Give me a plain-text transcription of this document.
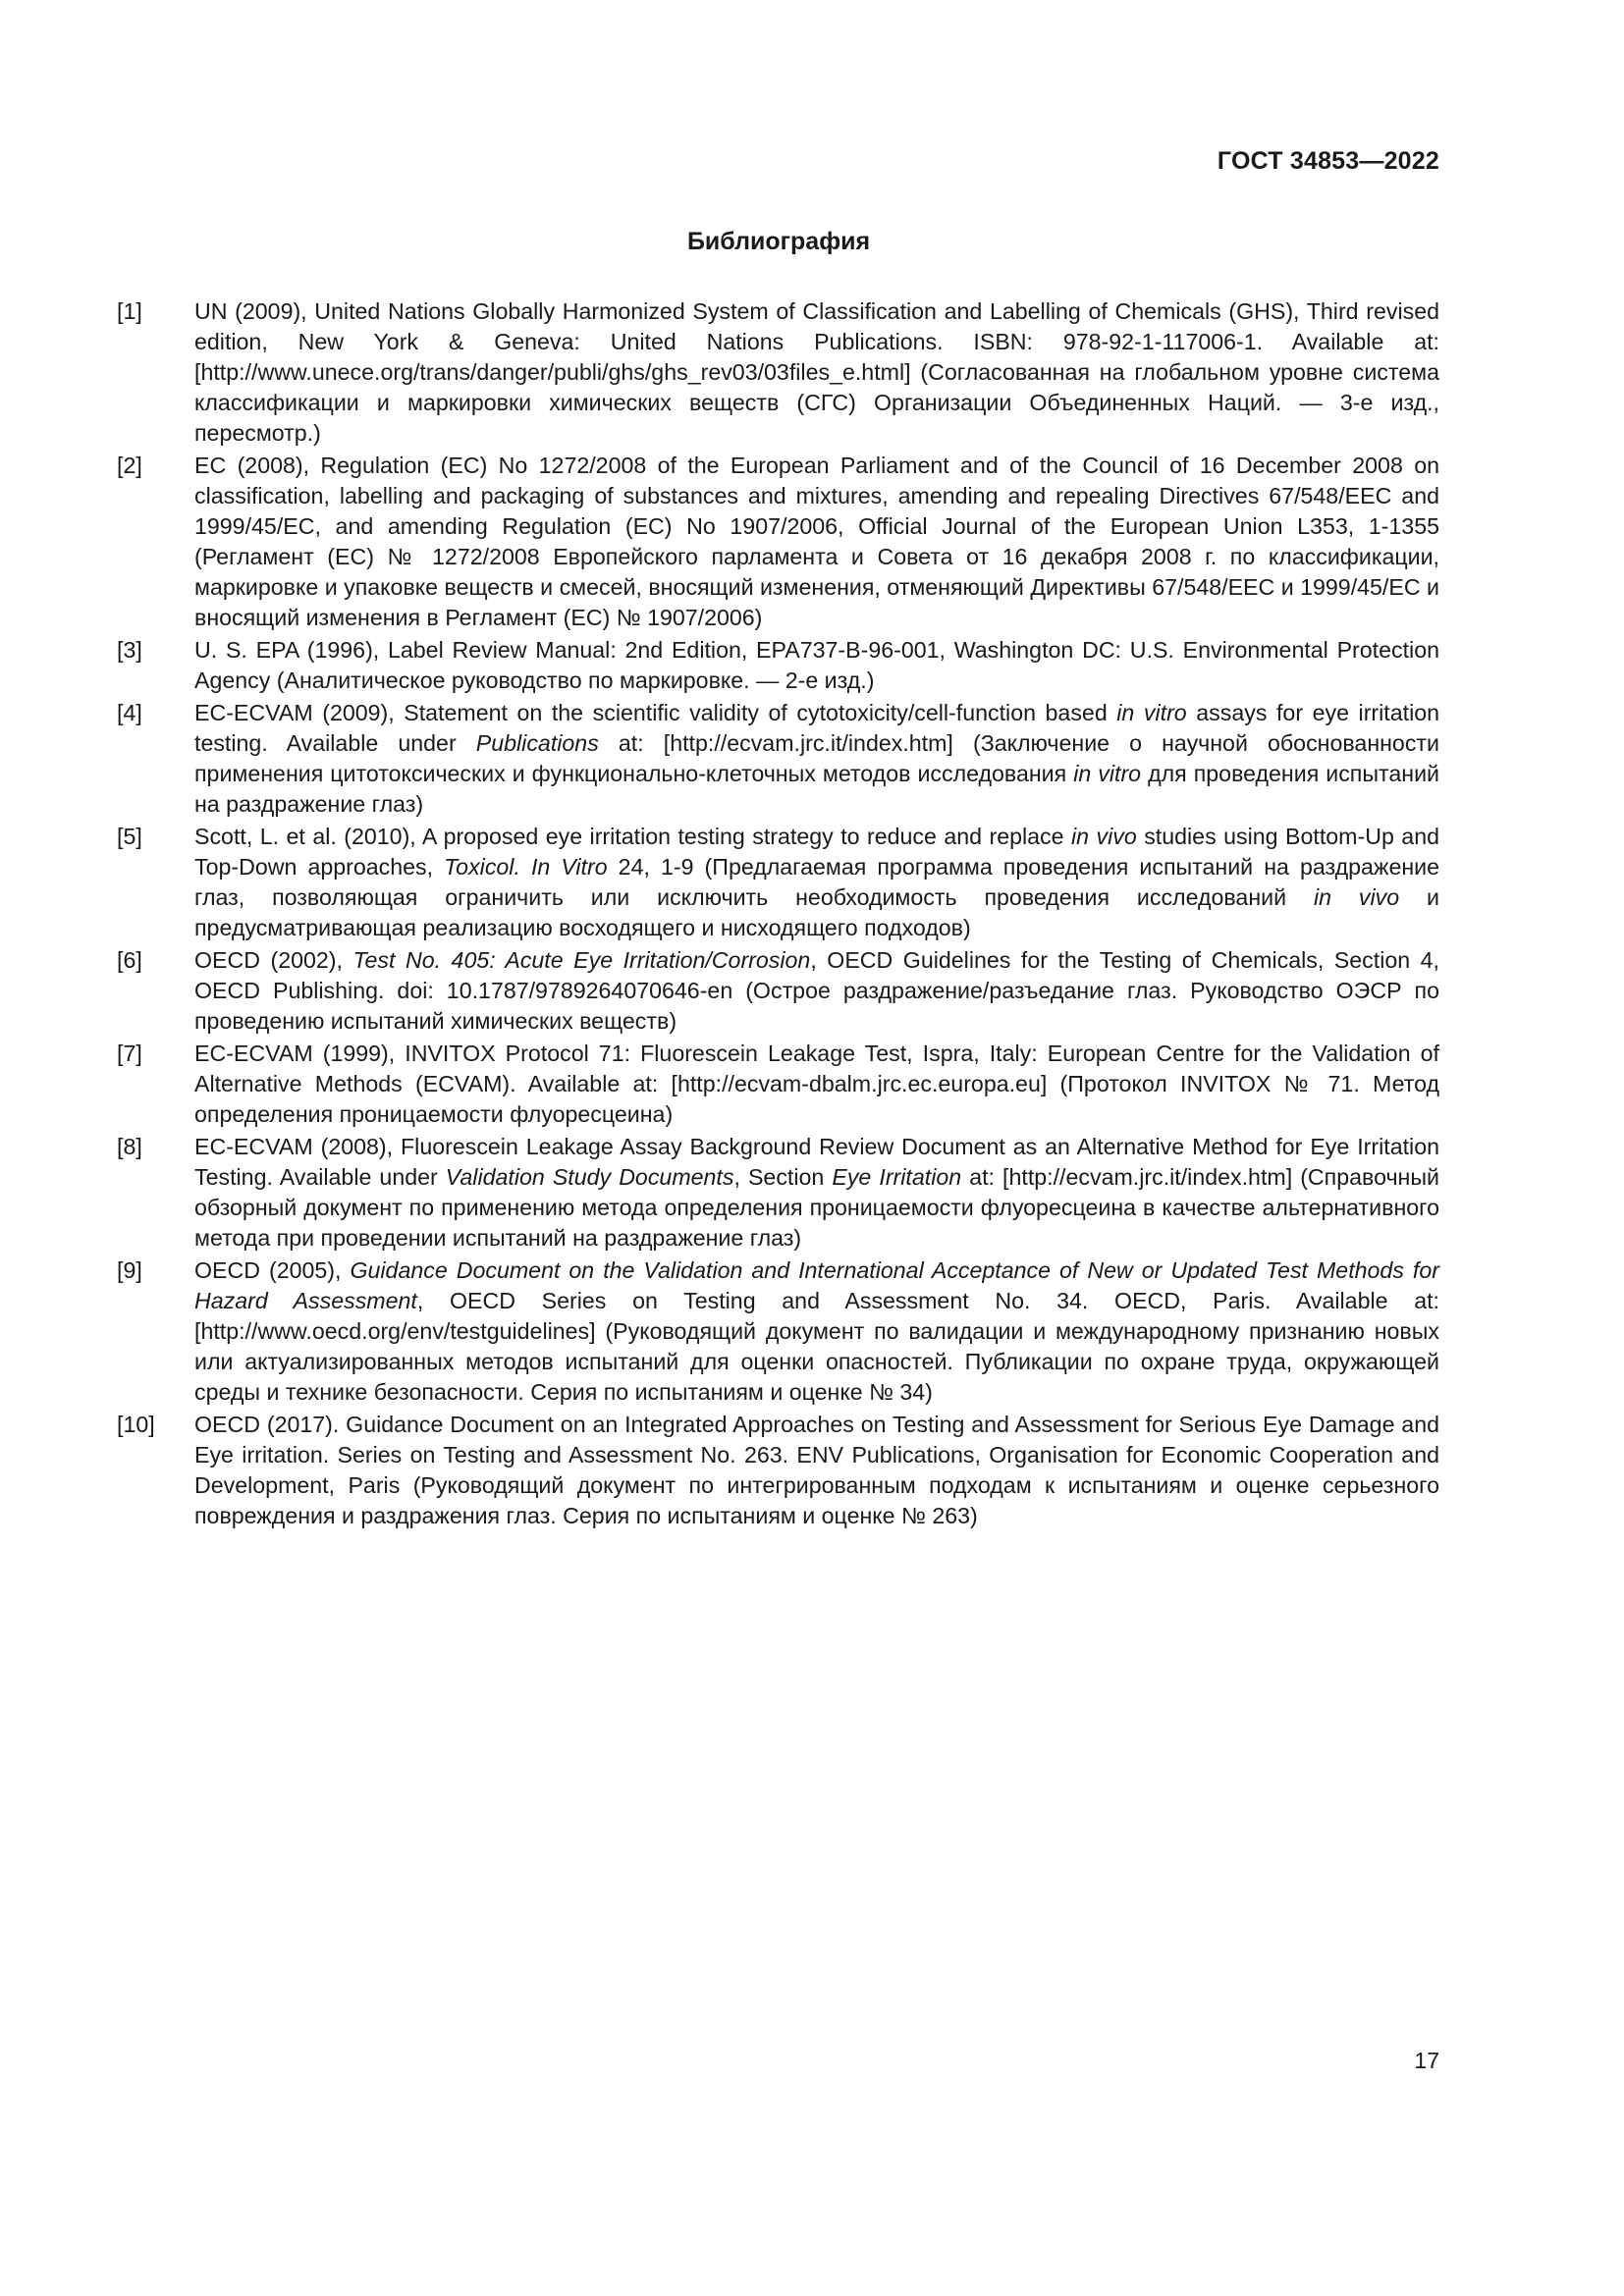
ГОСТ 34853—2022
Библиография
[1]	UN (2009), United Nations Globally Harmonized System of Classification and Labelling of Chemicals (GHS), Third revised edition, New York & Geneva: United Nations Publications. ISBN: 978-92-1-117006-1. Available at: [http://www.unece.org/trans/danger/publi/ghs/ghs_rev03/03files_e.html] (Согласованная на глобальном уровне система классификации и маркировки химических веществ (СГС) Организации Объединенных Наций. — 3-е изд., пересмотр.)
[2]	EC (2008), Regulation (EC) No 1272/2008 of the European Parliament and of the Council of 16 December 2008 on classification, labelling and packaging of substances and mixtures, amending and repealing Directives 67/548/EEC and 1999/45/EC, and amending Regulation (EC) No 1907/2006, Official Journal of the European Union L353, 1-1355 (Регламент (ЕС) № 1272/2008 Европейского парламента и Совета от 16 декабря 2008 г. по классификации, маркировке и упаковке веществ и смесей, вносящий изменения, отменяющий Директивы 67/548/ЕЕС и 1999/45/ЕС и вносящий изменения в Регламент (ЕС) № 1907/2006)
[3]	U. S. EPA (1996), Label Review Manual: 2nd Edition, EPA737-B-96-001, Washington DC: U.S. Environmental Protection Agency (Аналитическое руководство по маркировке. — 2-е изд.)
[4]	EC-ECVAM (2009), Statement on the scientific validity of cytotoxicity/cell-function based in vitro assays for eye irritation testing. Available under Publications at: [http://ecvam.jrc.it/index.htm] (Заключение о научной обоснованности применения цитотоксических и функционально-клеточных методов исследования in vitro для проведения испытаний на раздражение глаз)
[5]	Scott, L. et al. (2010), A proposed eye irritation testing strategy to reduce and replace in vivo studies using Bottom-Up and Top-Down approaches, Toxicol. In Vitro 24, 1-9 (Предлагаемая программа проведения испытаний на раздражение глаз, позволяющая ограничить или исключить необходимость проведения исследований in vivo и предусматривающая реализацию восходящего и нисходящего подходов)
[6]	OECD (2002), Test No. 405: Acute Eye Irritation/Corrosion, OECD Guidelines for the Testing of Chemicals, Section 4, OECD Publishing. doi: 10.1787/9789264070646-en (Острое раздражение/разъедание глаз. Руководство ОЭСР по проведению испытаний химических веществ)
[7]	EC-ECVAM (1999), INVITOX Protocol 71: Fluorescein Leakage Test, Ispra, Italy: European Centre for the Validation of Alternative Methods (ECVAM). Available at: [http://ecvam-dbalm.jrc.ec.europa.eu] (Протокол INVITOX № 71. Метод определения проницаемости флуоресцеина)
[8]	EC-ECVAM (2008), Fluorescein Leakage Assay Background Review Document as an Alternative Method for Eye Irritation Testing. Available under Validation Study Documents, Section Eye Irritation at: [http://ecvam.jrc.it/index.htm] (Справочный обзорный документ по применению метода определения проницаемости флуоресцеина в качестве альтернативного метода при проведении испытаний на раздражение глаз)
[9]	OECD (2005), Guidance Document on the Validation and International Acceptance of New or Updated Test Methods for Hazard Assessment, OECD Series on Testing and Assessment No. 34. OECD, Paris. Available at: [http://www.oecd.org/env/testguidelines] (Руководящий документ по валидации и международному признанию новых или актуализированных методов испытаний для оценки опасностей. Публикации по охране труда, окружающей среды и технике безопасности. Серия по испытаниям и оценке № 34)
[10]	OECD (2017). Guidance Document on an Integrated Approaches on Testing and Assessment for Serious Eye Damage and Eye irritation. Series on Testing and Assessment No. 263. ENV Publications, Organisation for Economic Cooperation and Development, Paris (Руководящий документ по интегрированным подходам к испытаниям и оценке серьезного повреждения и раздражения глаз. Серия по испытаниям и оценке № 263)
17
